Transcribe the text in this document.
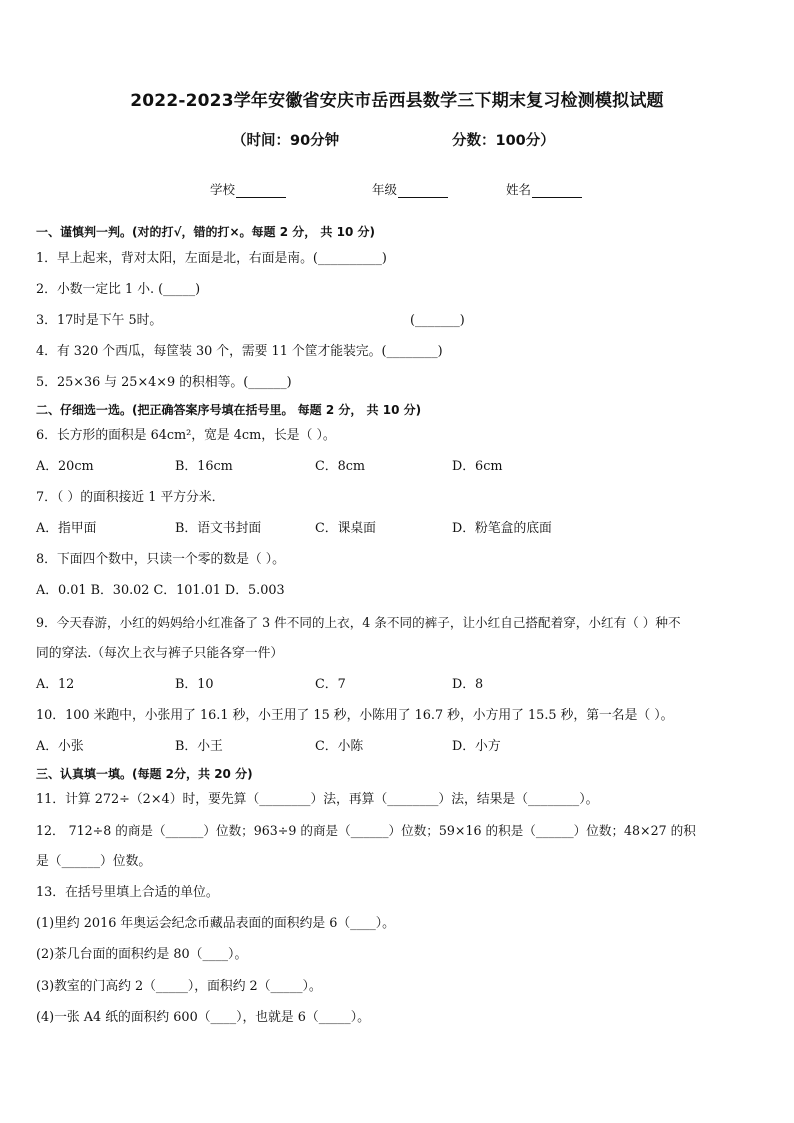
2022-2023学年安徽省安庆市岳西县数学三下期末复习检测模拟试题
（时间：90分钟	分数：100分）
学校	年级	姓名
一、谨慎判一判。(对的打√，错的打×。每题 2 分， 共 10 分)
1．早上起来，背对太阳，左面是北，右面是南。(__________)
2．小数一定比 1 小. (_____)
3．17时是下午 5时。	(_______)
4．有 320 个西瓜，每筐装 30 个，需要 11 个筐才能装完。(________)
5．25×36 与 25×4×9 的积相等。(______)
二、仔细选一选。(把正确答案序号填在括号里。 每题 2 分， 共 10 分)
6．长方形的面积是 64cm²，宽是 4cm，长是（ ）。
A．20cm	B．16cm	C．8cm	D．6cm
7．（ ）的面积接近 1 平方分米．
A．指甲面	B．语文书封面	C．课桌面	D．粉笔盒的底面
8．下面四个数中，只读一个零的数是（ ）。
A．0.01 B．30.02 C．101.01 D．5.003
9．今天春游，小红的妈妈给小红准备了 3 件不同的上衣，4 条不同的裤子，让小红自己搭配着穿，小红有（ ）种不
同的穿法.（每次上衣与裤子只能各穿一件）
A．12	B．10	C．7	D．8
10．100 米跑中，小张用了 16.1 秒，小王用了 15 秒，小陈用了 16.7 秒，小方用了 15.5 秒，第一名是（ ）。
A．小张	B．小王	C．小陈	D．小方
三、认真填一填。(每题 2分，共 20 分)
11．计算 272÷（2×4）时，要先算（________）法，再算（________）法，结果是（________）。
12． 712÷8 的商是（______）位数；963÷9 的商是（______）位数；59×16 的积是（______）位数；48×27 的积
是（______）位数。
13．在括号里填上合适的单位。
(1)里约 2016 年奥运会纪念币藏品表面的面积约是 6（____）。
(2)茶几台面的面积约是 80（____）。
(3)教室的门高约 2（_____），面积约 2（_____）。
(4)一张 A4 纸的面积约 600（____），也就是 6（_____）。
